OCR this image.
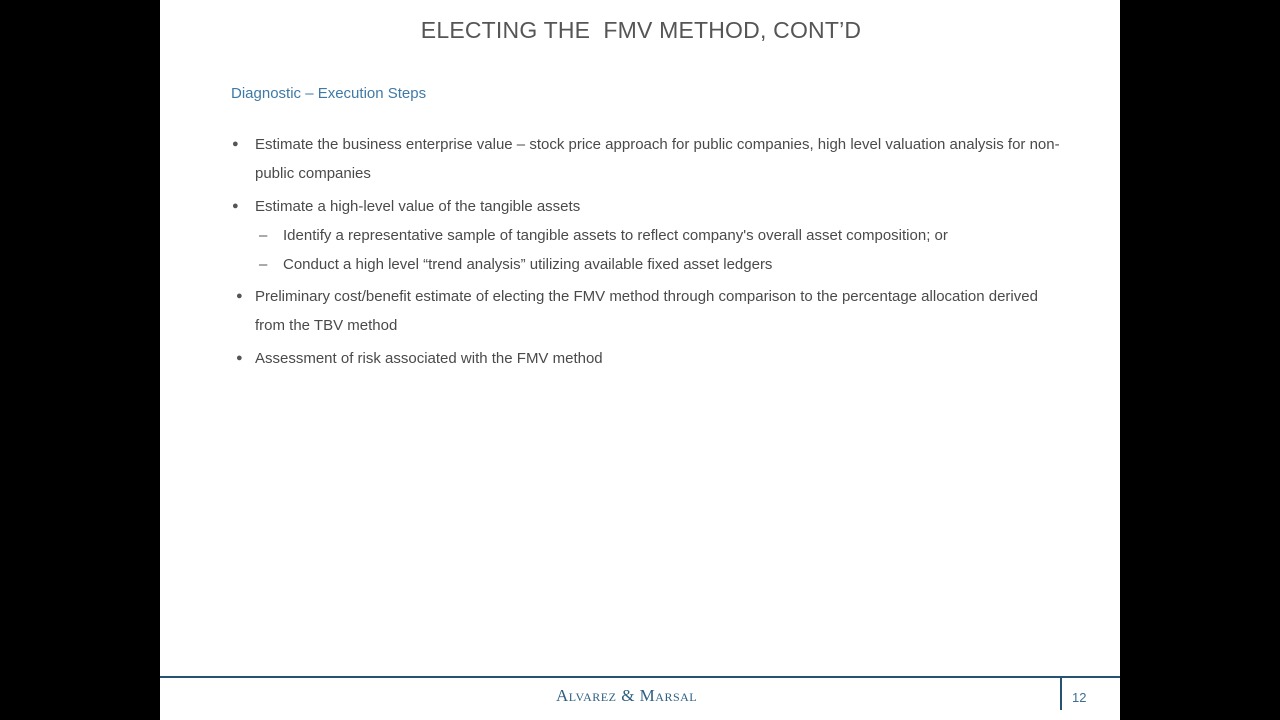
ELECTING THE  FMV METHOD, CONT’D
Diagnostic – Execution Steps
● Estimate the business enterprise value – stock price approach for public companies, high level valuation analysis for non-public companies
● Estimate a high-level value of the tangible assets
– Identify a representative sample of tangible assets to reflect company's overall asset composition; or
– Conduct a high level “trend analysis” utilizing available fixed asset ledgers
● Preliminary cost/benefit estimate of electing the FMV method through comparison to the percentage allocation derived from the TBV method
● Assessment of risk associated with the FMV method
Alvarez & Marsal	12
